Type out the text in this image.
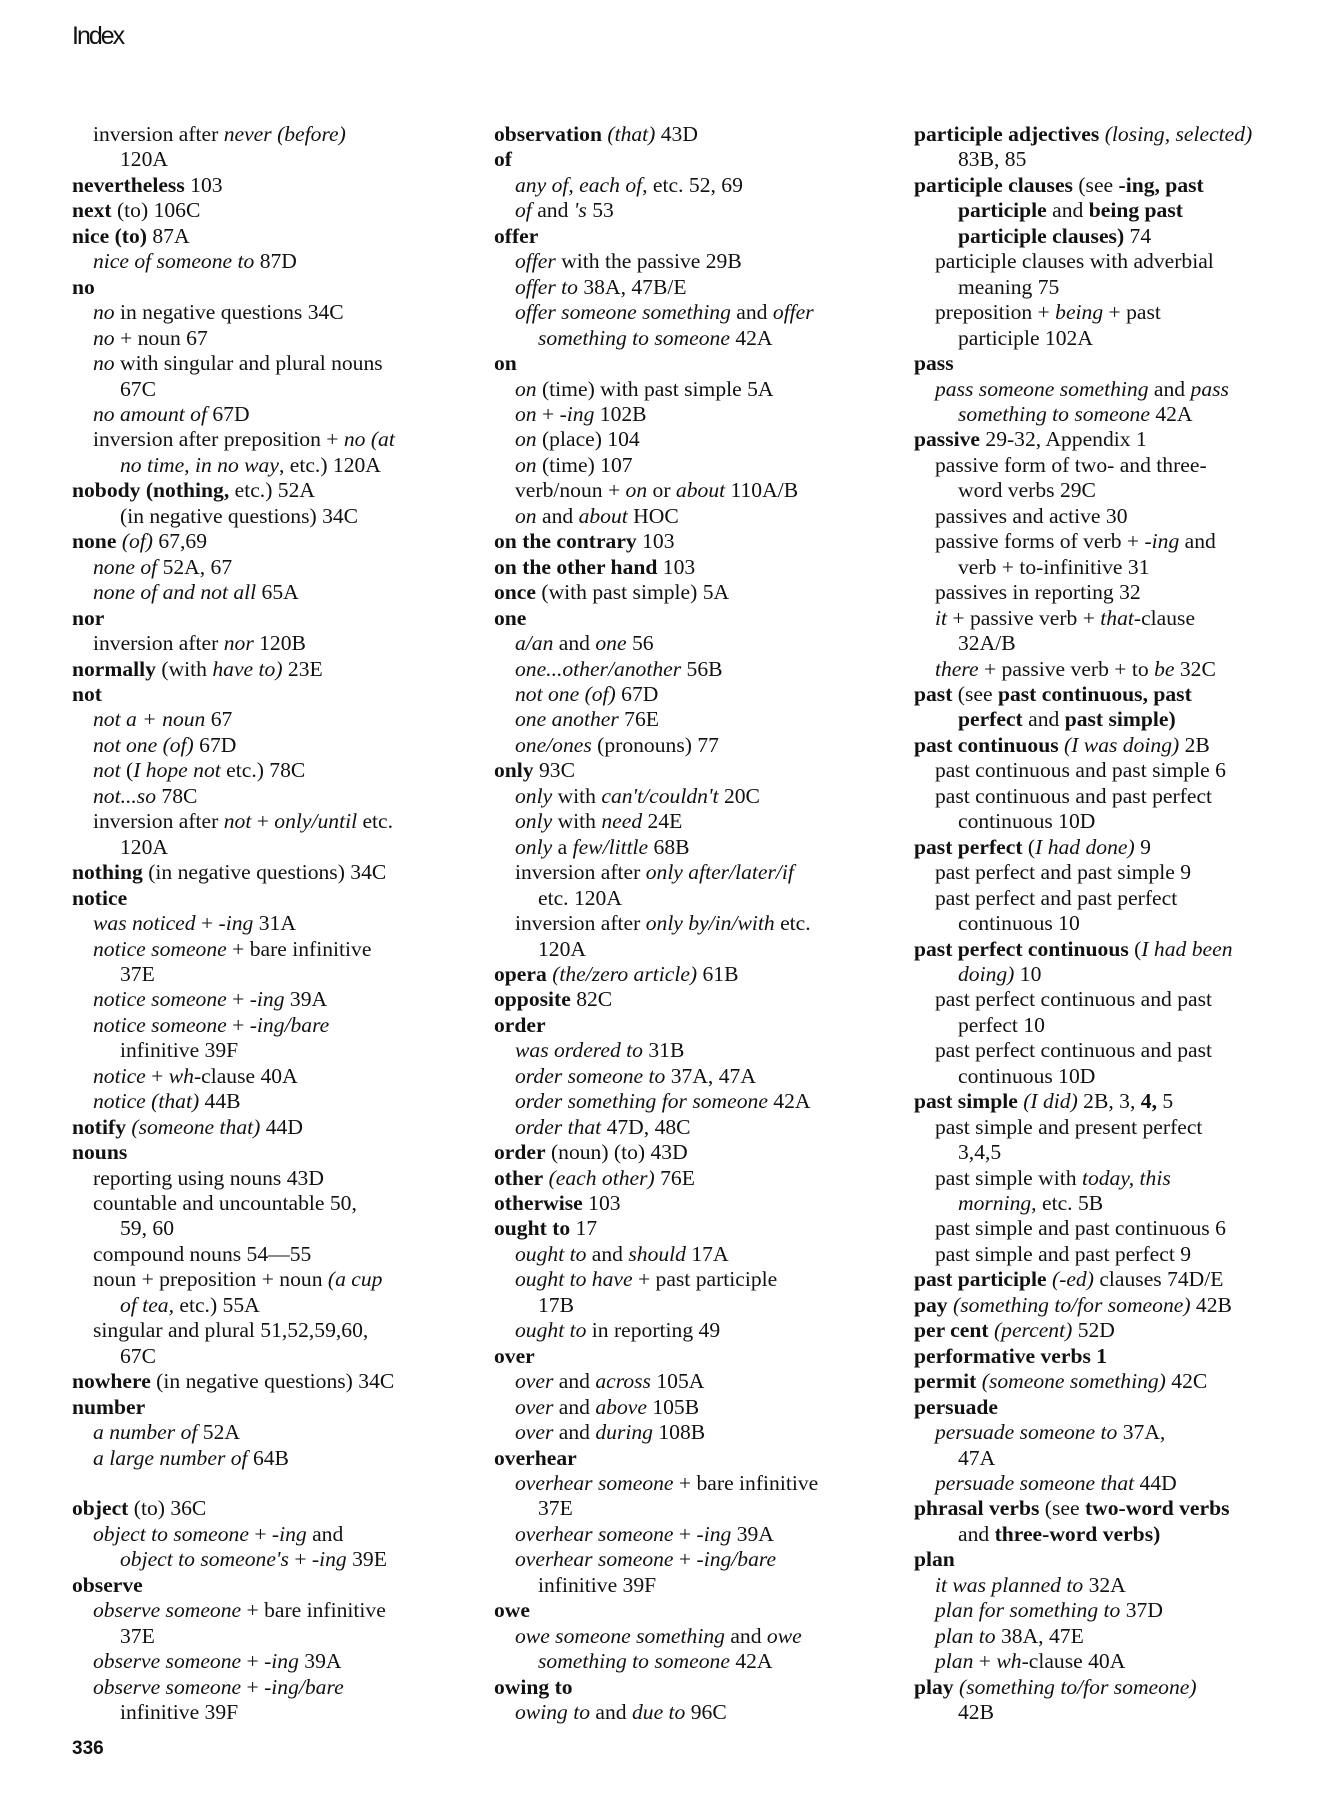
Index
inversion after never (before)
120A
nevertheless 103
next (to) 106C
nice (to) 87A
nice of someone to 87D
no
no in negative questions 34C
no + noun 67
no with singular and plural nouns
67C
no amount of 67D
inversion after preposition + no (at
no time, in no way, etc.) 120A
nobody (nothing, etc.) 52A
(in negative questions) 34C
none (of) 67,69
none of 52A, 67
none of and not all 65A
nor
inversion after nor 120B
normally (with have to) 23E
not
not a + noun 67
not one (of) 67D
not (I hope not etc.) 78C
not...so 78C
inversion after not + only/until etc.
120A
nothing (in negative questions) 34C
notice
was noticed + -ing 31A
notice someone + bare infinitive
37E
notice someone + -ing 39A
notice someone + -ing/bare
infinitive 39F
notice + wh-clause 40A
notice (that) 44B
notify (someone that) 44D
nouns
reporting using nouns 43D
countable and uncountable 50,
59, 60
compound nouns 54—55
noun + preposition + noun (a cup
of tea, etc.) 55A
singular and plural 51,52,59,60,
67C
nowhere (in negative questions) 34C
number
a number of 52A
a large number of 64B

object (to) 36C
object to someone + -ing and
object to someone's + -ing 39E
observe
observe someone + bare infinitive
37E
observe someone + -ing 39A
observe someone + -ing/bare
infinitive 39F
observation (that) 43D
of
any of, each of, etc. 52, 69
of and 's 53
offer
offer with the passive 29B
offer to 38A, 47B/E
offer someone something and offer
something to someone 42A
on
on (time) with past simple 5A
on + -ing 102B
on (place) 104
on (time) 107
verb/noun + on or about 110A/B
on and about HOC
on the contrary 103
on the other hand 103
once (with past simple) 5A
one
a/an and one 56
one...other/another 56B
not one (of) 67D
one another 76E
one/ones (pronouns) 77
only 93C
only with can't/couldn't 20C
only with need 24E
only a few/little 68B
inversion after only after/later/if
etc. 120A
inversion after only by/in/with etc.
120A
opera (the/zero article) 61B
opposite 82C
order
was ordered to 31B
order someone to 37A, 47A
order something for someone 42A
order that 47D, 48C
order (noun) (to) 43D
other (each other) 76E
otherwise 103
ought to 17
ought to and should 17A
ought to have + past participle
17B
ought to in reporting 49
over
over and across 105A
over and above 105B
over and during 108B
overhear
overhear someone + bare infinitive
37E
overhear someone + -ing 39A
overhear someone + -ing/bare
infinitive 39F
owe
owe someone something and owe
something to someone 42A
owing to
owing to and due to 96C
participle adjectives (losing, selected)
83B, 85
participle clauses (see -ing, past
participle and being past
participle clauses) 74
participle clauses with adverbial
meaning 75
preposition + being + past
participle 102A
pass
pass someone something and pass
something to someone 42A
passive 29-32, Appendix 1
passive form of two- and three-
word verbs 29C
passives and active 30
passive forms of verb + -ing and
verb + to-infinitive 31
passives in reporting 32
it + passive verb + that-clause
32A/B
there + passive verb + to be 32C
past (see past continuous, past
perfect and past simple)
past continuous (I was doing) 2B
past continuous and past simple 6
past continuous and past perfect
continuous 10D
past perfect (I had done) 9
past perfect and past simple 9
past perfect and past perfect
continuous 10
past perfect continuous (I had been
doing) 10
past perfect continuous and past
perfect 10
past perfect continuous and past
continuous 10D
past simple (I did) 2B, 3, 4, 5
past simple and present perfect
3,4,5
past simple with today, this
morning, etc. 5B
past simple and past continuous 6
past simple and past perfect 9
past participle (-ed) clauses 74D/E
pay (something to/for someone) 42B
per cent (percent) 52D
performative verbs 1
permit (someone something) 42C
persuade
persuade someone to 37A,
47A
persuade someone that 44D
phrasal verbs (see two-word verbs
and three-word verbs)
plan
it was planned to 32A
plan for something to 37D
plan to 38A, 47E
plan + wh-clause 40A
play (something to/for someone)
42B
336
